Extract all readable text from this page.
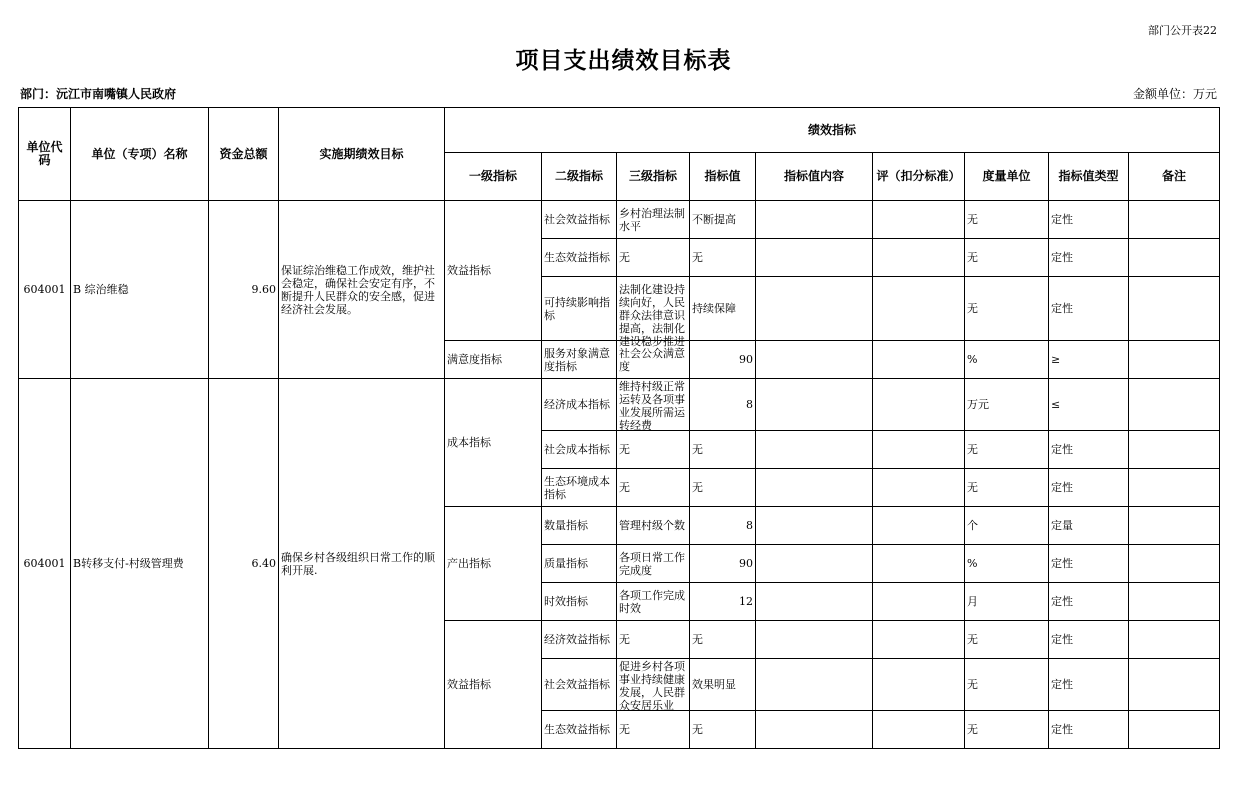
部门公开表22
项目支出绩效目标表
部门：沅江市南嘴镇人民政府	金额单位：万元
单位代码	单位（专项）名称	资金总额	实施期绩效目标	绩效指标								
				一级指标	二级指标	三级指标	指标值	指标值内容	评（扣分标准）	度量单位	指标值类型	备注
604001	B 综治维稳	9.60	保证综治维稳工作成效，维护社会稳定，确保社会安定有序，不断提升人民群众的安全感，促进经济社会发展。	效益指标	社会效益指标	乡村治理法制水平	不断提高			无	定性	
					生态效益指标	无	无			无	定性	
					可持续影响指标	法制化建设持续向好，人民群众法律意识提高，法制化建设稳步推进	持续保障			无	定性	
				满意度指标	服务对象满意度指标	社会公众满意度	90			%	≥	
604001	B转移支付-村级管理费	6.40	确保乡村各级组织日常工作的顺利开展.	成本指标	经济成本指标	维持村级正常运转及各项事业发展所需运转经费	8			万元	≤	
					社会成本指标	无	无			无	定性	
					生态环境成本指标	无	无			无	定性	
				产出指标	数量指标	管理村级个数	8			个	定量	
					质量指标	各项日常工作完成度	90			%	定性	
					时效指标	各项工作完成时效	12			月	定性	
				效益指标	经济效益指标	无	无			无	定性	
					社会效益指标	促进乡村各项事业持续健康发展，人民群众安居乐业	效果明显			无	定性	
					生态效益指标	无	无			无	定性	
